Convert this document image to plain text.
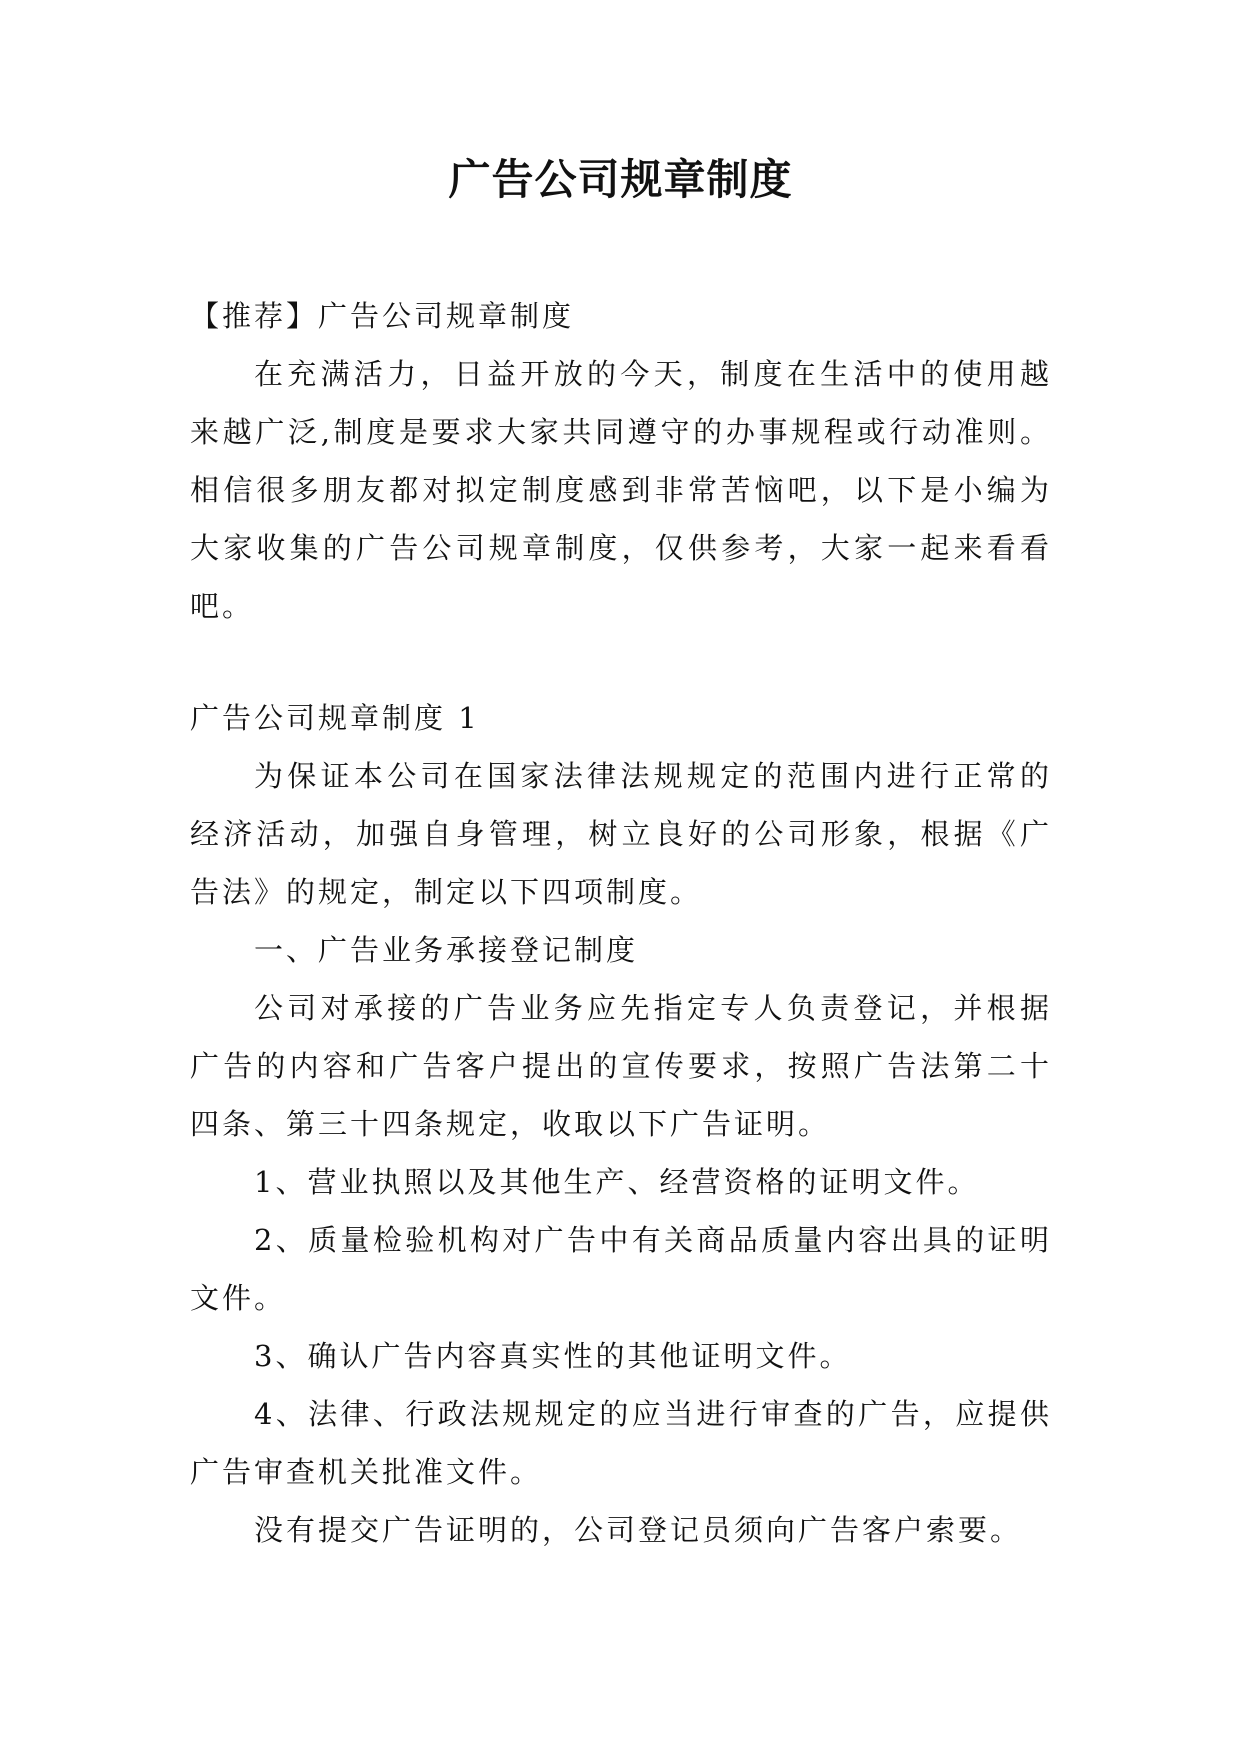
广告公司规章制度

【推荐】广告公司规章制度

在充满活力，日益开放的今天，制度在生活中的使用越来越广泛,制度是要求大家共同遵守的办事规程或行动准则。相信很多朋友都对拟定制度感到非常苦恼吧，以下是小编为大家收集的广告公司规章制度，仅供参考，大家一起来看看吧。

广告公司规章制度 1

为保证本公司在国家法律法规规定的范围内进行正常的经济活动，加强自身管理，树立良好的公司形象，根据《广告法》的规定，制定以下四项制度。

一、广告业务承接登记制度

公司对承接的广告业务应先指定专人负责登记，并根据广告的内容和广告客户提出的宣传要求，按照广告法第二十四条、第三十四条规定，收取以下广告证明。

1、营业执照以及其他生产、经营资格的证明文件。

2、质量检验机构对广告中有关商品质量内容出具的证明文件。

3、确认广告内容真实性的其他证明文件。

4、法律、行政法规规定的应当进行审查的广告，应提供广告审查机关批准文件。

没有提交广告证明的，公司登记员须向广告客户索要。
